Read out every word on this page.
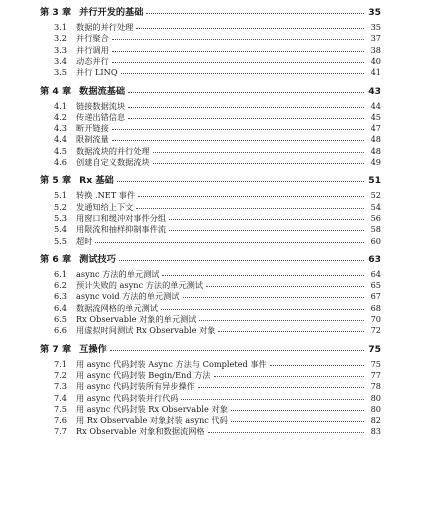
第 3 章 并行开发的基础	35
3.1	数据的并行处理	35
3.2	并行聚合	37
3.3	并行调用	38
3.4	动态并行	40
3.5	并行 LINQ	41
第 4 章 数据流基础	43
4.1	链接数据流块	44
4.2	传递出错信息	45
4.3	断开链接	47
4.4	限制流量	48
4.5	数据流块的并行处理	48
4.6	创建自定义数据流块	49
第 5 章 Rx 基础	51
5.1	转换 .NET 事件	52
5.2	发通知给上下文	54
5.3	用窗口和缓冲对事件分组	56
5.4	用限流和抽样抑制事件流	58
5.5	超时	60
第 6 章 测试技巧	63
6.1	async 方法的单元测试	64
6.2	预计失败的 async 方法的单元测试	65
6.3	async void 方法的单元测试	67
6.4	数据流网格的单元测试	68
6.5	Rx Observable 对象的单元测试	70
6.6	用虚拟时间测试 Rx Observable 对象	72
第 7 章 互操作	75
7.1	用 async 代码封装 Async 方法与 Completed 事件	75
7.2	用 async 代码封装 Begin/End 方法	77
7.3	用 async 代码封装所有异步操作	78
7.4	用 async 代码封装并行代码	80
7.5	用 async 代码封装 Rx Observable 对象	80
7.6	用 Rx Observable 对象封装 async 代码	82
7.7	Rx Observable 对象和数据流网格	83
